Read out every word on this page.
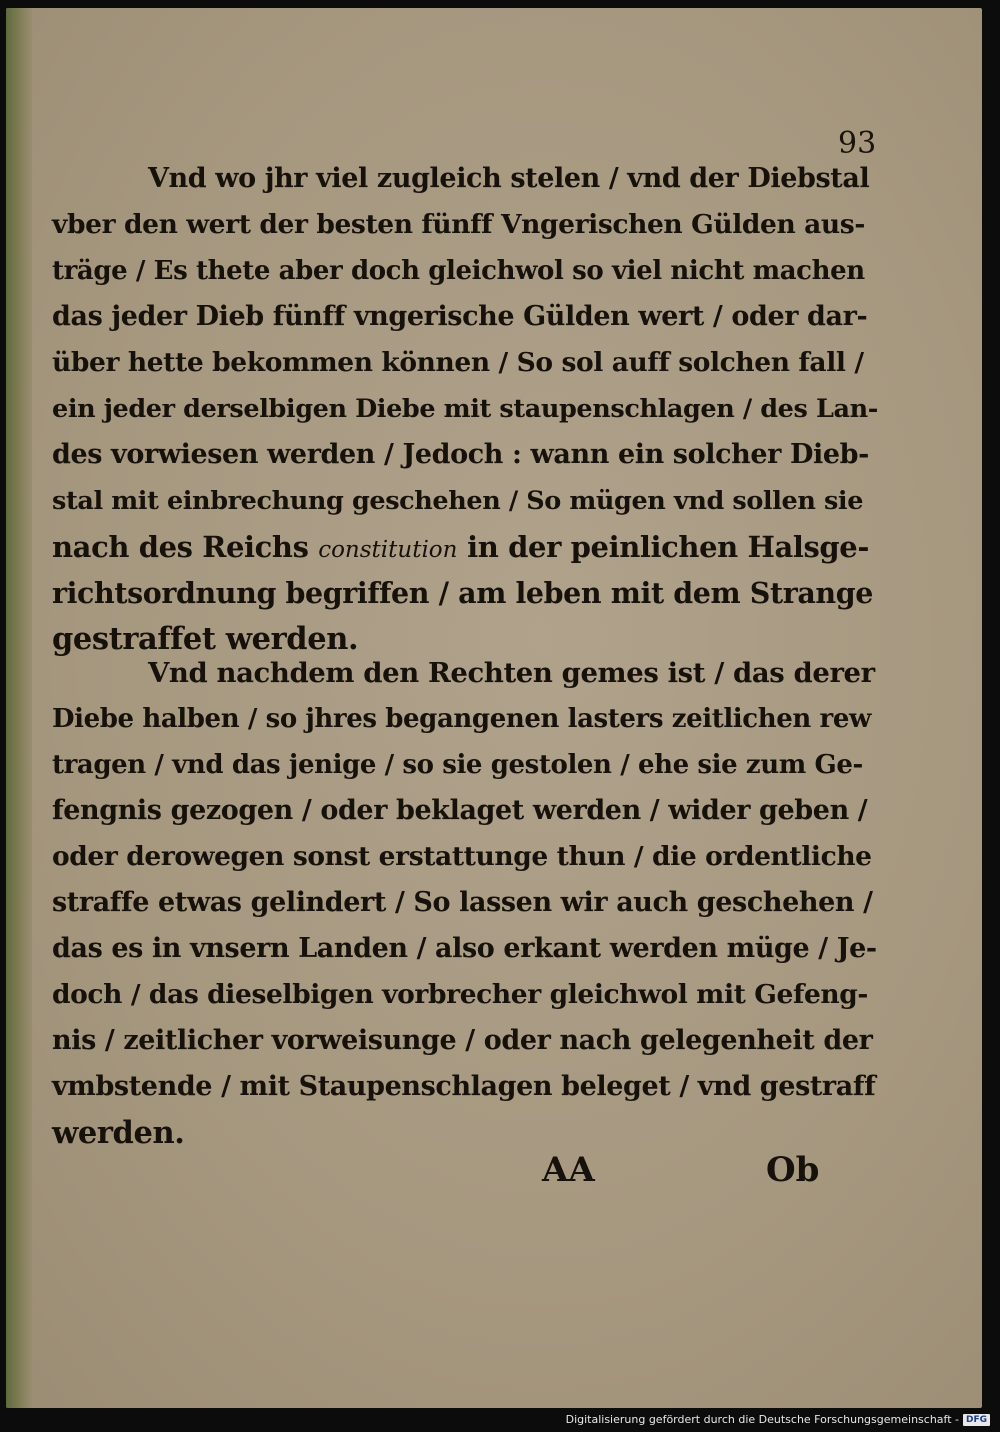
93
Vnd wo jhr viel zugleich stelen / vnd der Diebstal
vber den wert der besten fünff Vngerischen Gülden aus-
träge / Es thete aber doch gleichwol so viel nicht machen
das jeder Dieb fünff vngerische Gülden wert / oder dar-
über hette bekommen können / So sol auff solchen fall /
ein jeder derselbigen Diebe mit staupenschlagen / des Lan-
des vorwiesen werden / Jedoch : wann ein solcher Dieb-
stal mit einbrechung geschehen / So mügen vnd sollen sie
nach des Reichs constitution in der peinlichen Halsge-
richtsordnung begriffen / am leben mit dem Strange
gestraffet werden.
Vnd nachdem den Rechten gemes ist / das derer
Diebe halben / so jhres begangenen lasters zeitlichen rew
tragen / vnd das jenige / so sie gestolen / ehe sie zum Ge-
fengnis gezogen / oder beklaget werden / wider geben /
oder derowegen sonst erstattunge thun / die ordentliche
straffe etwas gelindert / So lassen wir auch geschehen /
das es in vnsern Landen / also erkant werden müge / Je-
doch / das dieselbigen vorbrecher gleichwol mit Gefeng-
nis / zeitlicher vorweisunge / oder nach gelegenheit der
vmbstende / mit Staupenschlagen beleget / vnd gestraff
werden.
AA	Ob
Digitalisierung gefördert durch die Deutsche Forschungsgemeinschaft - DFG
